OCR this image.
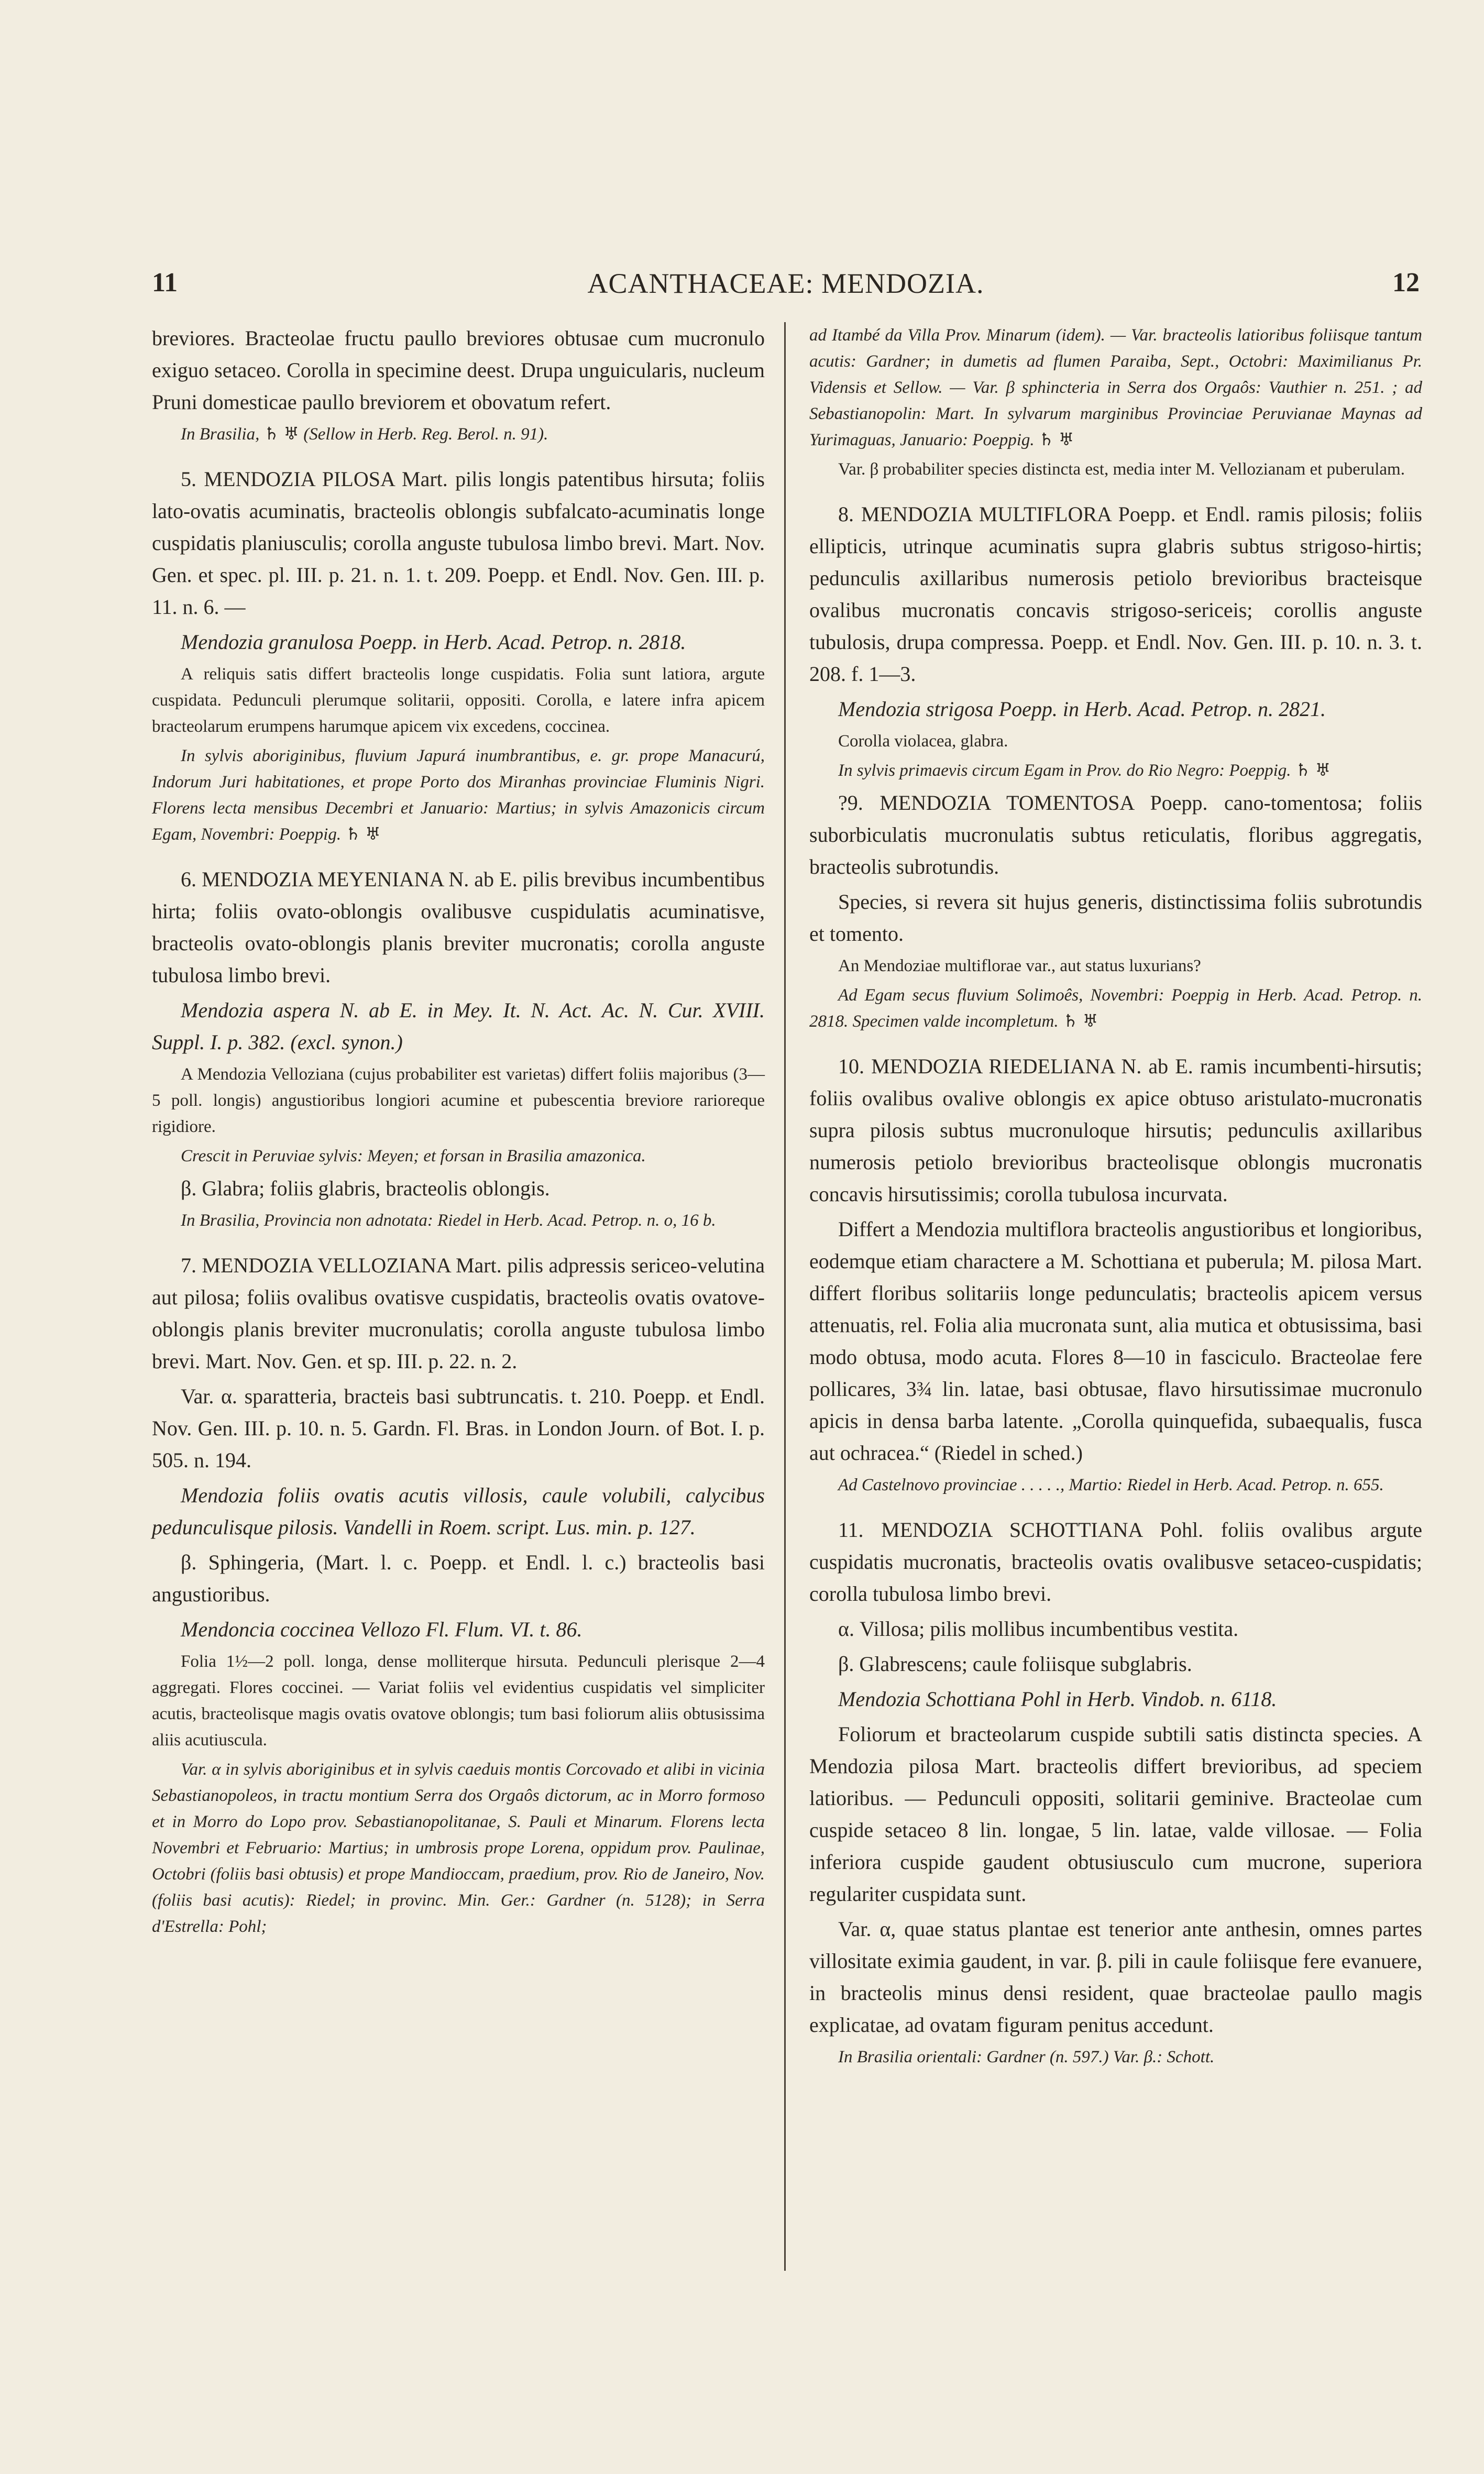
11	ACANTHACEAE: MENDOZIA.	12

breviores. Bracteolae fructu paullo breviores obtusae cum mucronulo exiguo setaceo. Corolla in specimine deest. Drupa unguicularis, nucleum Pruni domesticae paullo breviorem et obovatum refert.

In Brasilia, ♄ ♅ (Sellow in Herb. Reg. Berol. n. 91).

5. MENDOZIA PILOSA Mart. pilis longis patentibus hirsuta; foliis lato-ovatis acuminatis, bracteolis oblongis subfalcato-acuminatis longe cuspidatis planiusculis; corolla anguste tubulosa limbo brevi. Mart. Nov. Gen. et spec. pl. III. p. 21. n. 1. t. 209. Poepp. et Endl. Nov. Gen. III. p. 11. n. 6. —

Mendozia granulosa Poepp. in Herb. Acad. Petrop. n. 2818.

A reliquis satis differt bracteolis longe cuspidatis. Folia sunt latiora, argute cuspidata. Pedunculi plerumque solitarii, oppositi. Corolla, e latere infra apicem bracteolarum erumpens harumque apicem vix excedens, coccinea.

In sylvis aboriginibus, fluvium Japurá inumbrantibus, e. gr. prope Manacurú, Indorum Juri habitationes, et prope Porto dos Miranhas provinciae Fluminis Nigri. Florens lecta mensibus Decembri et Januario: Martius; in sylvis Amazonicis circum Egam, Novembri: Poeppig. ♄ ♅

6. MENDOZIA MEYENIANA N. ab E. pilis brevibus incumbentibus hirta; foliis ovato-oblongis ovalibusve cuspidulatis acuminatisve, bracteolis ovato-oblongis planis breviter mucronatis; corolla anguste tubulosa limbo brevi.

Mendozia aspera N. ab E. in Mey. It. N. Act. Ac. N. Cur. XVIII. Suppl. I. p. 382. (excl. synon.)

A Mendozia Velloziana (cujus probabiliter est varietas) differt foliis majoribus (3—5 poll. longis) angustioribus longiori acumine et pubescentia breviore rarioreque rigidiore.

Crescit in Peruviae sylvis: Meyen; et forsan in Brasilia amazonica.

β. Glabra; foliis glabris, bracteolis oblongis.

In Brasilia, Provincia non adnotata: Riedel in Herb. Acad. Petrop. n. o, 16 b.

7. MENDOZIA VELLOZIANA Mart. pilis adpressis sericeo-velutina aut pilosa; foliis ovalibus ovatisve cuspidatis, bracteolis ovatis ovatove-oblongis planis breviter mucronulatis; corolla anguste tubulosa limbo brevi. Mart. Nov. Gen. et sp. III. p. 22. n. 2.

Var. α. sparatteria, bracteis basi subtruncatis. t. 210. Poepp. et Endl. Nov. Gen. III. p. 10. n. 5. Gardn. Fl. Bras. in London Journ. of Bot. I. p. 505. n. 194.

Mendozia foliis ovatis acutis villosis, caule volubili, calycibus pedunculisque pilosis. Vandelli in Roem. script. Lus. min. p. 127.

β. Sphingeria, (Mart. l. c. Poepp. et Endl. l. c.) bracteolis basi angustioribus.

Mendoncia coccinea Vellozo Fl. Flum. VI. t. 86.

Folia 1½—2 poll. longa, dense molliterque hirsuta. Pedunculi plerisque 2—4 aggregati. Flores coccinei. — Variat foliis vel evidentius cuspidatis vel simpliciter acutis, bracteolisque magis ovatis ovatove oblongis; tum basi foliorum aliis obtusissima aliis acutiuscula.

Var. α in sylvis aboriginibus et in sylvis caeduis montis Corcovado et alibi in vicinia Sebastianopoleos, in tractu montium Serra dos Orgaôs dictorum, ac in Morro formoso et in Morro do Lopo prov. Sebastianopolitanae, S. Pauli et Minarum. Florens lecta Novembri et Februario: Martius; in umbrosis prope Lorena, oppidum prov. Paulinae, Octobri (foliis basi obtusis) et prope Mandioccam, praedium, prov. Rio de Janeiro, Nov. (foliis basi acutis): Riedel; in provinc. Min. Ger.: Gardner (n. 5128); in Serra d'Estrella: Pohl;

ad Itambé da Villa Prov. Minarum (idem). — Var. bracteolis latioribus foliisque tantum acutis: Gardner; in dumetis ad flumen Paraiba, Sept., Octobri: Maximilianus Pr. Vidensis et Sellow. — Var. β sphincteria in Serra dos Orgaôs: Vauthier n. 251. ; ad Sebastianopolin: Mart. In sylvarum marginibus Provinciae Peruvianae Maynas ad Yurimaguas, Januario: Poeppig. ♄ ♅

Var. β probabiliter species distincta est, media inter M. Vellozianam et puberulam.

8. MENDOZIA MULTIFLORA Poepp. et Endl. ramis pilosis; foliis ellipticis, utrinque acuminatis supra glabris subtus strigoso-hirtis; pedunculis axillaribus numerosis petiolo brevioribus bracteisque ovalibus mucronatis concavis strigoso-sericeis; corollis anguste tubulosis, drupa compressa. Poepp. et Endl. Nov. Gen. III. p. 10. n. 3. t. 208. f. 1—3.

Mendozia strigosa Poepp. in Herb. Acad. Petrop. n. 2821.

Corolla violacea, glabra.

In sylvis primaevis circum Egam in Prov. do Rio Negro: Poeppig. ♄ ♅

?9. MENDOZIA TOMENTOSA Poepp. cano-tomentosa; foliis suborbiculatis mucronulatis subtus reticulatis, floribus aggregatis, bracteolis subrotundis.

Species, si revera sit hujus generis, distinctissima foliis subrotundis et tomento.

An Mendoziae multiflorae var., aut status luxurians?

Ad Egam secus fluvium Solimoês, Novembri: Poeppig in Herb. Acad. Petrop. n. 2818. Specimen valde incompletum. ♄ ♅

10. MENDOZIA RIEDELIANA N. ab E. ramis incumbenti-hirsutis; foliis ovalibus ovalive oblongis ex apice obtuso aristulato-mucronatis supra pilosis subtus mucronuloque hirsutis; pedunculis axillaribus numerosis petiolo brevioribus bracteolisque oblongis mucronatis concavis hirsutissimis; corolla tubulosa incurvata.

Differt a Mendozia multiflora bracteolis angustioribus et longioribus, eodemque etiam charactere a M. Schottiana et puberula; M. pilosa Mart. differt floribus solitariis longe pedunculatis; bracteolis apicem versus attenuatis, rel. Folia alia mucronata sunt, alia mutica et obtusissima, basi modo obtusa, modo acuta. Flores 8—10 in fasciculo. Bracteolae fere pollicares, 3¾ lin. latae, basi obtusae, flavo hirsutissimae mucronulo apicis in densa barba latente. „Corolla quinquefida, subaequalis, fusca aut ochracea.“ (Riedel in sched.)

Ad Castelnovo provinciae . . . . ., Martio: Riedel in Herb. Acad. Petrop. n. 655.

11. MENDOZIA SCHOTTIANA Pohl. foliis ovalibus argute cuspidatis mucronatis, bracteolis ovatis ovalibusve setaceo-cuspidatis; corolla tubulosa limbo brevi.

α. Villosa; pilis mollibus incumbentibus vestita.

β. Glabrescens; caule foliisque subglabris.

Mendozia Schottiana Pohl in Herb. Vindob. n. 6118.

Foliorum et bracteolarum cuspide subtili satis distincta species. A Mendozia pilosa Mart. bracteolis differt brevioribus, ad speciem latioribus. — Pedunculi oppositi, solitarii geminive. Bracteolae cum cuspide setaceo 8 lin. longae, 5 lin. latae, valde villosae. — Folia inferiora cuspide gaudent obtusiusculo cum mucrone, superiora regulariter cuspidata sunt.

Var. α, quae status plantae est tenerior ante anthesin, omnes partes villositate eximia gaudent, in var. β. pili in caule foliisque fere evanuere, in bracteolis minus densi resident, quae bracteolae paullo magis explicatae, ad ovatam figuram penitus accedunt.

In Brasilia orientali: Gardner (n. 597.) Var. β.: Schott.
